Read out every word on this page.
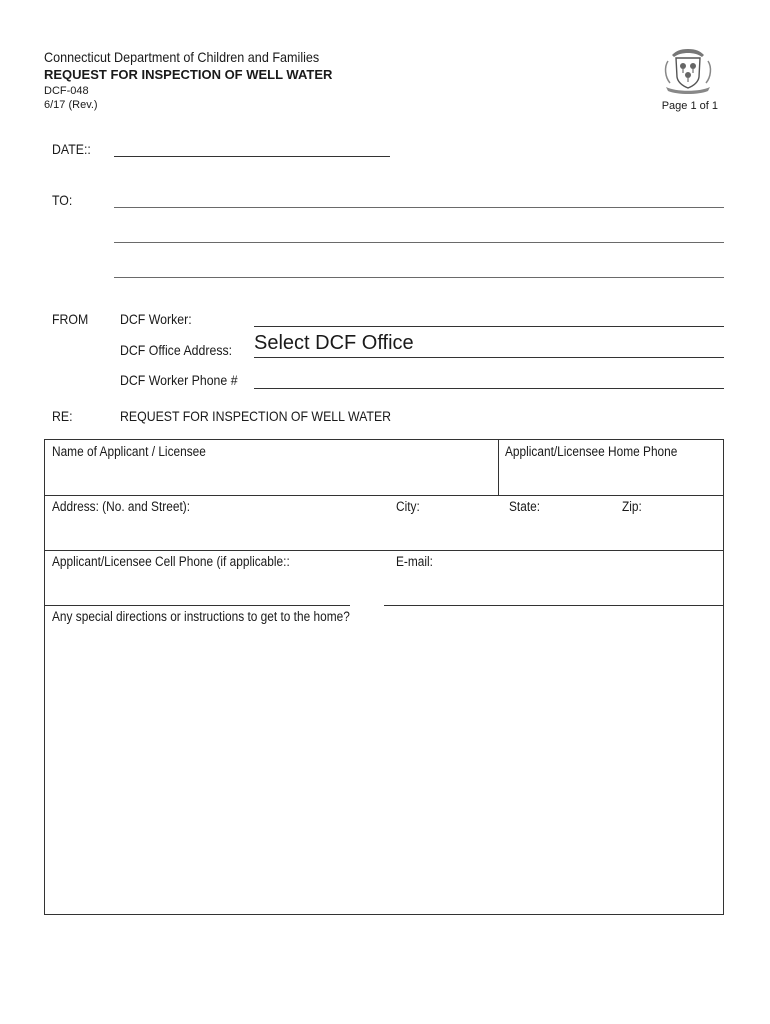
Connecticut Department of Children and Families
REQUEST FOR INSPECTION OF WELL WATER
DCF-048
6/17 (Rev.)	Page 1 of 1
DATE::
TO:
FROM DCF Worker:
DCF Office Address: Select DCF Office
DCF Worker Phone #
RE:	REQUEST FOR INSPECTION OF WELL WATER
Name of Applicant / Licensee	Applicant/Licensee Home Phone
Address: (No. and Street):	City:	State:	Zip:
Applicant/Licensee Cell Phone (if applicable::	E-mail:
Any special directions or instructions to get to the home?
